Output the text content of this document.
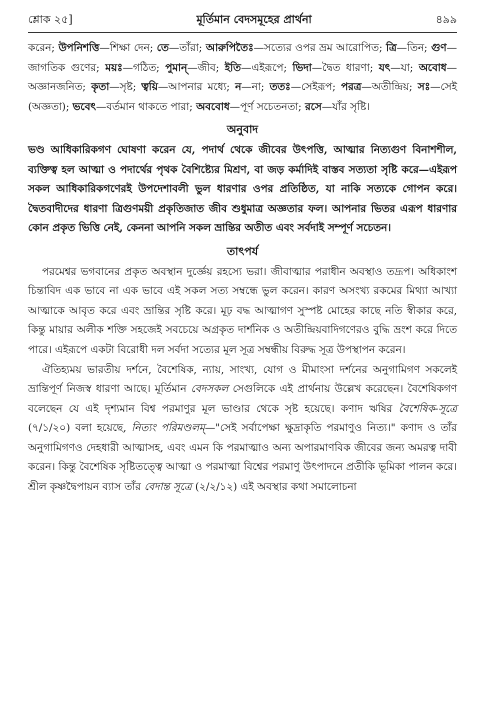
শ্লোক ২৫]	মূর্তিমান বেদসমূহের প্রার্থনা	৪৯৯

করেন; উপনিশত্তি—শিক্ষা দেন; তে—তাঁরা; আরুপিতৈঃ—সত্যের ওপর ভ্রম আরোপিত; ত্রি—তিন; গুণ—জাগতিক গুণের; ময়ঃ—গঠিত; পুমান্—জীব; ইতি—এইরূপে; ভিদা—দ্বৈত ধারণা; যৎ—যা; অবোধ—অজ্ঞানজনিত; কৃতা—সৃষ্ট; ত্বয়ি—আপনার মধ্যে; ন—না; ততঃ—সেইরূপ; পরত্র—অতীন্দ্রিয়; সঃ—সেই (অজ্ঞতা); ভবেৎ—বর্তমান থাকতে পারা; অববোধ—পূর্ণ সচেতনতা; রসে—যাঁর সৃষ্টি।

অনুবাদ

ভণ্ড আধিকারিকগণ ঘোষণা করেন যে, পদার্থ থেকে জীবের উৎপত্তি, আত্মার নিত্যগুণ বিনাশশীল, ব্যক্তিত্ব হল আত্মা ও পদার্থের পৃথক বৈশিষ্ট্যের মিশ্রণ, বা জড় কর্মাদিই বাস্তব সত্যতা সৃষ্টি করে—এইরূপ সকল আধিকারিকগণেরই উপদেশাবলী ভুল ধারণার ওপর প্রতিষ্ঠিত, যা নাকি সত্যকে গোপন করে। দ্বৈতবাদীদের ধারণা ত্রিগুণময়ী প্রকৃতিজাত জীব শুধুমাত্র অজ্ঞতার ফল। আপনার ভিতর এরূপ ধারণার কোন প্রকৃত ভিত্তি নেই, কেননা আপনি সকল ভ্রান্তির অতীত এবং সর্বদাই সম্পূর্ণ সচেতন।

তাৎপর্য

পরমেশ্বর ভগবানের প্রকৃত অবস্থান দুর্জ্ঞেয় রহস্যে ভরা। জীবাত্মার পরাধীন অবস্থাও তদ্রূপ। অধিকাংশ চিন্তাবিদ এক ভাবে না এক ভাবে এই সকল সত্য সম্বন্ধে ভুল করেন। কারণ অসংখ্য রকমের মিথ্যা আখ্যা আত্মাকে আবৃত করে এবং ভ্রান্তির সৃষ্টি করে। মূঢ় বদ্ধ আত্মাগণ সুস্পষ্ট মোহের কাছে নতি স্বীকার করে, কিন্তু মায়ার অলীক শক্তি সহজেই সবচেয়ে অগ্রকৃত দার্শনিক ও অতীন্দ্রিয়বাদিগণেরও বুদ্ধি ভ্রংশ করে দিতে পারে। এইরূপে একটা বিরোধী দল সর্বদা সত্যের মূল সূত্র সম্বন্ধীয় বিরুদ্ধ সূত্র উপস্থাপন করেন।

ঐতিহ্যময় ভারতীয় দর্শনে, বৈশেষিক, ন্যায়, সাংখ্য, যোগ ও মীমাংসা দর্শনের অনুগামিগণ সকলেই ভ্রান্তিপূর্ণ নিজস্ব ধারণা আছে। মূর্তিমান বেদসকল সেগুলিকে এই প্রার্থনায় উল্লেখ করেছেন। বৈশেষিকগণ বলেছেন যে এই দৃশ্যমান বিশ্ব পরমাণুর মূল ভাণ্ডার থেকে সৃষ্ট হয়েছে। কণাদ ঋষির বৈশেষিক-সূত্রে (৭/১/২০) বলা হয়েছে, নিত্যং পরিমণ্ডলম্—"সেই সর্বাপেক্ষা ক্ষুদ্রাকৃতি পরমাণুও নিত্য।" কণাদ ও তাঁর অনুগামিগণও দেহধারী আত্মাসহ, এবং এমন কি পরমাত্মাও অন্য অপারমাণবিক জীবের জন্য অমরত্ব দাবী করেন। কিন্তু বৈশেষিক সৃষ্টিতত্ত্বে আত্মা ও পরমাত্মা বিশ্বের পরমাণু উৎপাদনে প্রতীকি ভূমিকা পালন করে। শ্রীল কৃষ্ণদ্বৈপায়ন ব্যাস তাঁর বেদান্ত সূত্রে (২/২/১২) এই অবস্থার কথা সমালোচনা
